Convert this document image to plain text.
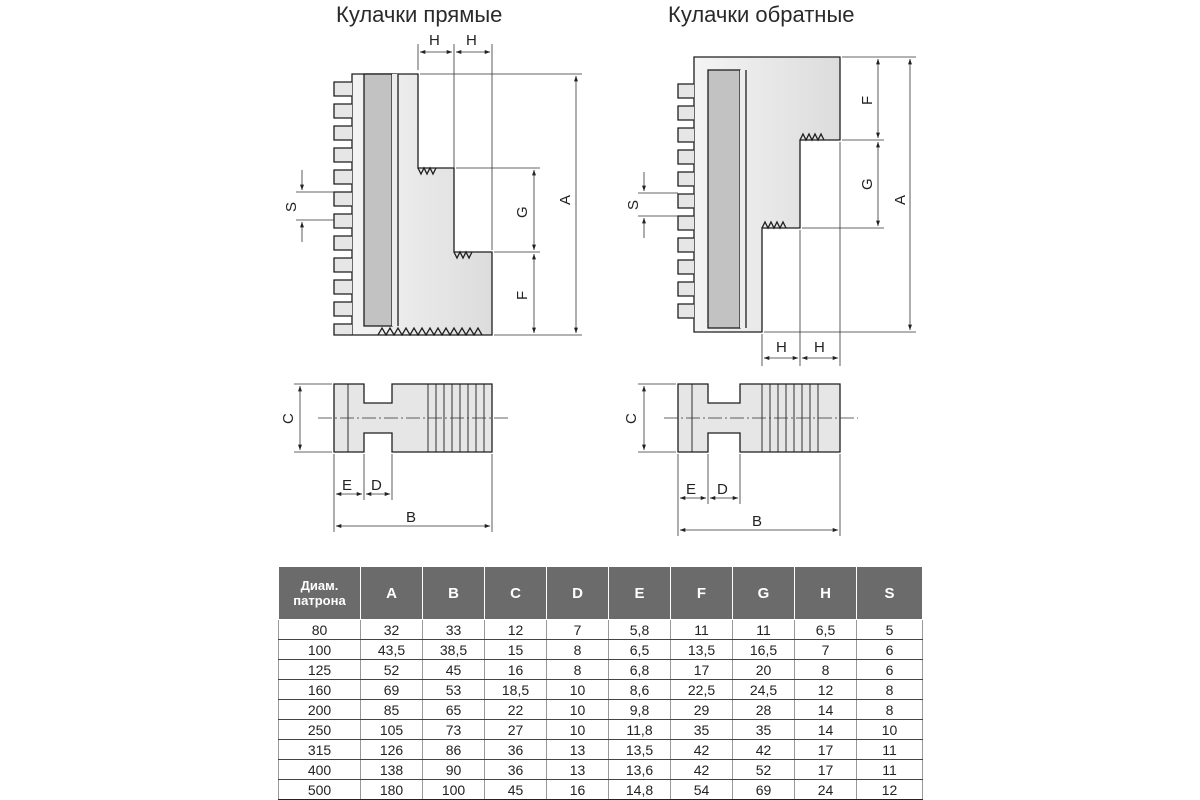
Кулачки прямые	Кулачки обратные
H H
A
G
F
S
F
G
A
S
H H
C
E D
B
C
E D
B
Диам.
патрона	A	B	C	D	E	F	G	H	S
80	32	33	12	7	5,8	11	11	6,5	5
100	43,5	38,5	15	8	6,5	13,5	16,5	7	6
125	52	45	16	8	6,8	17	20	8	6
160	69	53	18,5	10	8,6	22,5	24,5	12	8
200	85	65	22	10	9,8	29	28	14	8
250	105	73	27	10	11,8	35	35	14	10
315	126	86	36	13	13,5	42	42	17	11
400	138	90	36	13	13,6	42	52	17	11
500	180	100	45	16	14,8	54	69	24	12
